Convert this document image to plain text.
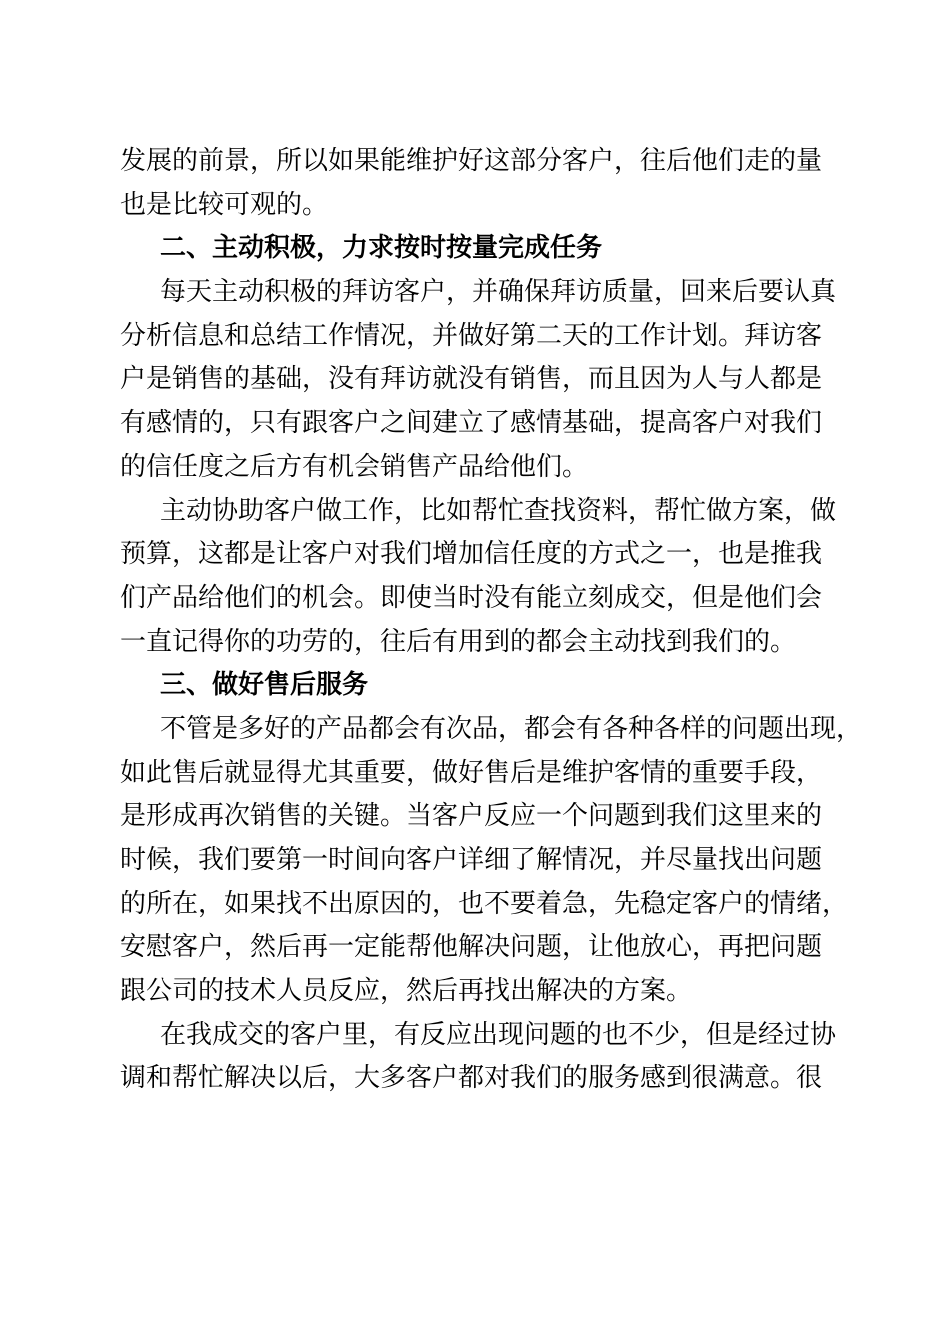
发展的前景，所以如果能维护好这部分客户，往后他们走的量
也是比较可观的。
二、主动积极，力求按时按量完成任务
每天主动积极的拜访客户，并确保拜访质量，回来后要认真
分析信息和总结工作情况，并做好第二天的工作计划。拜访客
户是销售的基础，没有拜访就没有销售，而且因为人与人都是
有感情的，只有跟客户之间建立了感情基础，提高客户对我们
的信任度之后方有机会销售产品给他们。
主动协助客户做工作，比如帮忙查找资料，帮忙做方案，做
预算，这都是让客户对我们增加信任度的方式之一，也是推我
们产品给他们的机会。即使当时没有能立刻成交，但是他们会
一直记得你的功劳的，往后有用到的都会主动找到我们的。
三、做好售后服务
不管是多好的产品都会有次品，都会有各种各样的问题出现，
如此售后就显得尤其重要，做好售后是维护客情的重要手段，
是形成再次销售的关键。当客户反应一个问题到我们这里来的
时候，我们要第一时间向客户详细了解情况，并尽量找出问题
的所在，如果找不出原因的，也不要着急，先稳定客户的情绪，
安慰客户，然后再一定能帮他解决问题，让他放心，再把问题
跟公司的技术人员反应，然后再找出解决的方案。
在我成交的客户里，有反应出现问题的也不少，但是经过协
调和帮忙解决以后，大多客户都对我们的服务感到很满意。很
